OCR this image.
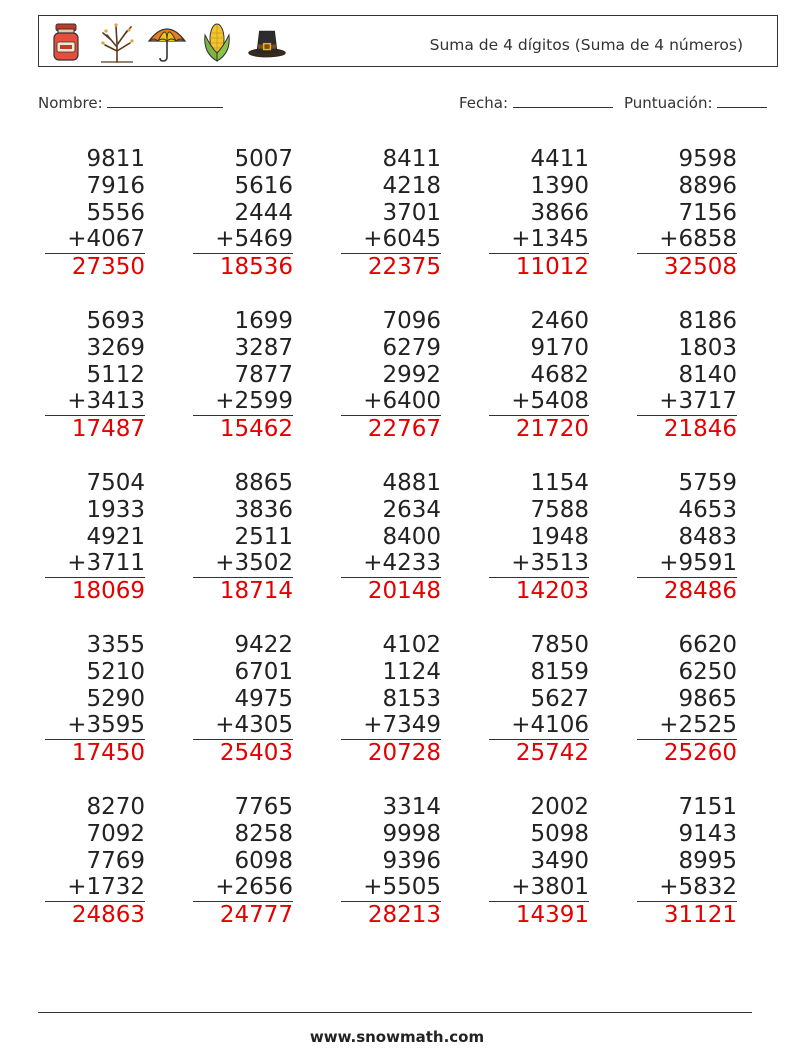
Suma de 4 dígitos (Suma de 4 números)
Nombre:	Fecha:	Puntuación:
9811
7916
5556
+4067
27350
5007
5616
2444
+5469
18536
8411
4218
3701
+6045
22375
4411
1390
3866
+1345
11012
9598
8896
7156
+6858
32508
5693
3269
5112
+3413
17487
1699
3287
7877
+2599
15462
7096
6279
2992
+6400
22767
2460
9170
4682
+5408
21720
8186
1803
8140
+3717
21846
7504
1933
4921
+3711
18069
8865
3836
2511
+3502
18714
4881
2634
8400
+4233
20148
1154
7588
1948
+3513
14203
5759
4653
8483
+9591
28486
3355
5210
5290
+3595
17450
9422
6701
4975
+4305
25403
4102
1124
8153
+7349
20728
7850
8159
5627
+4106
25742
6620
6250
9865
+2525
25260
8270
7092
7769
+1732
24863
7765
8258
6098
+2656
24777
3314
9998
9396
+5505
28213
2002
5098
3490
+3801
14391
7151
9143
8995
+5832
31121
www.snowmath.com
